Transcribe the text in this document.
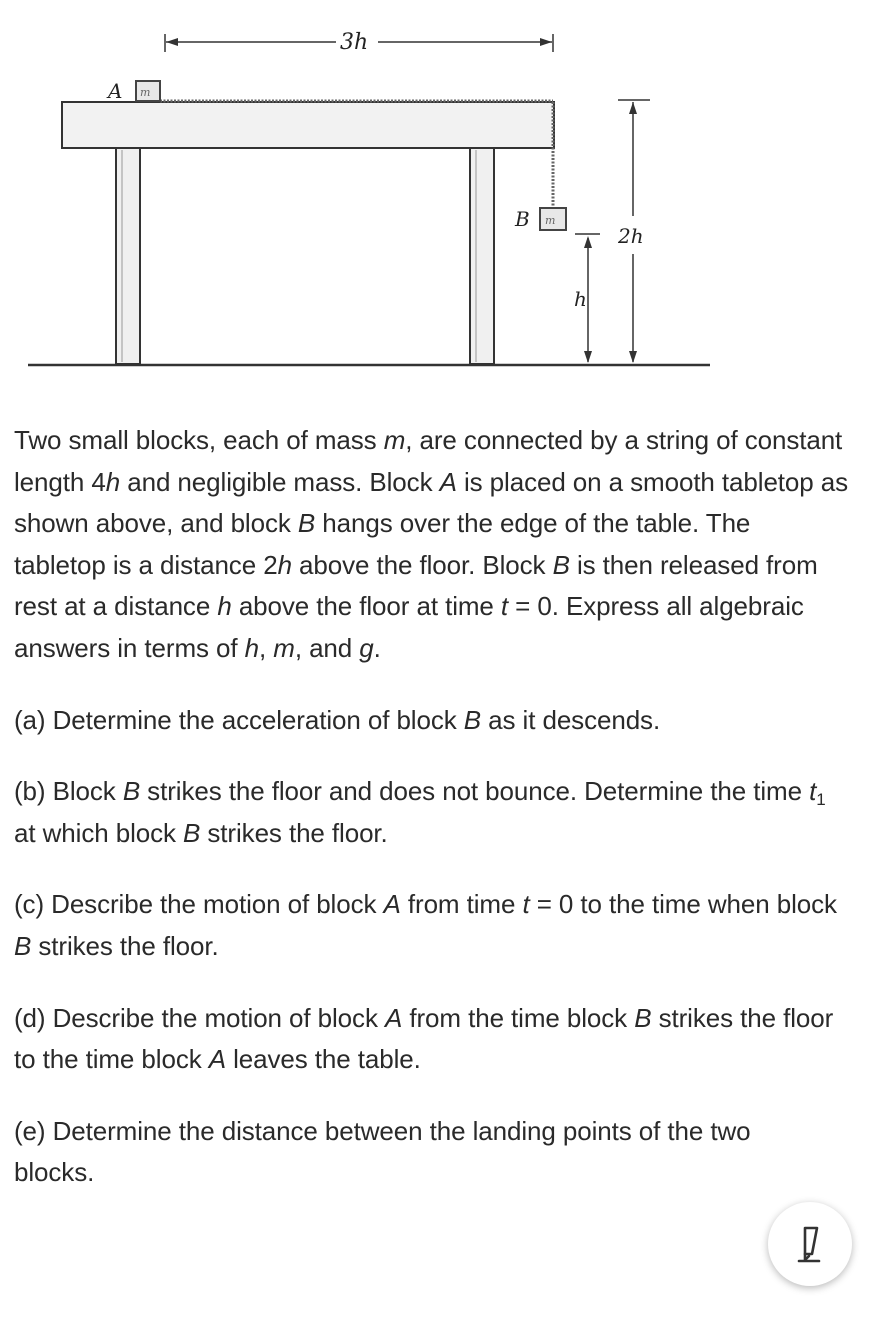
3h
m
A
m
B
h
2h

Two small blocks, each of mass m, are connected by a string of constant length 4h and negligible mass. Block A is placed on a smooth tabletop as shown above, and block B hangs over the edge of the table. The tabletop is a distance 2h above the floor. Block B is then released from rest at a distance h above the floor at time t = 0. Express all algebraic answers in terms of h, m, and g.

(a) Determine the acceleration of block B as it descends.

(b) Block B strikes the floor and does not bounce. Determine the time $t_1$ at which block B strikes the floor.

(c) Describe the motion of block A from time t = 0 to the time when block B strikes the floor.

(d) Describe the motion of block A from the time block B strikes the floor to the time block A leaves the table.

(e) Determine the distance between the landing points of the two blocks.
